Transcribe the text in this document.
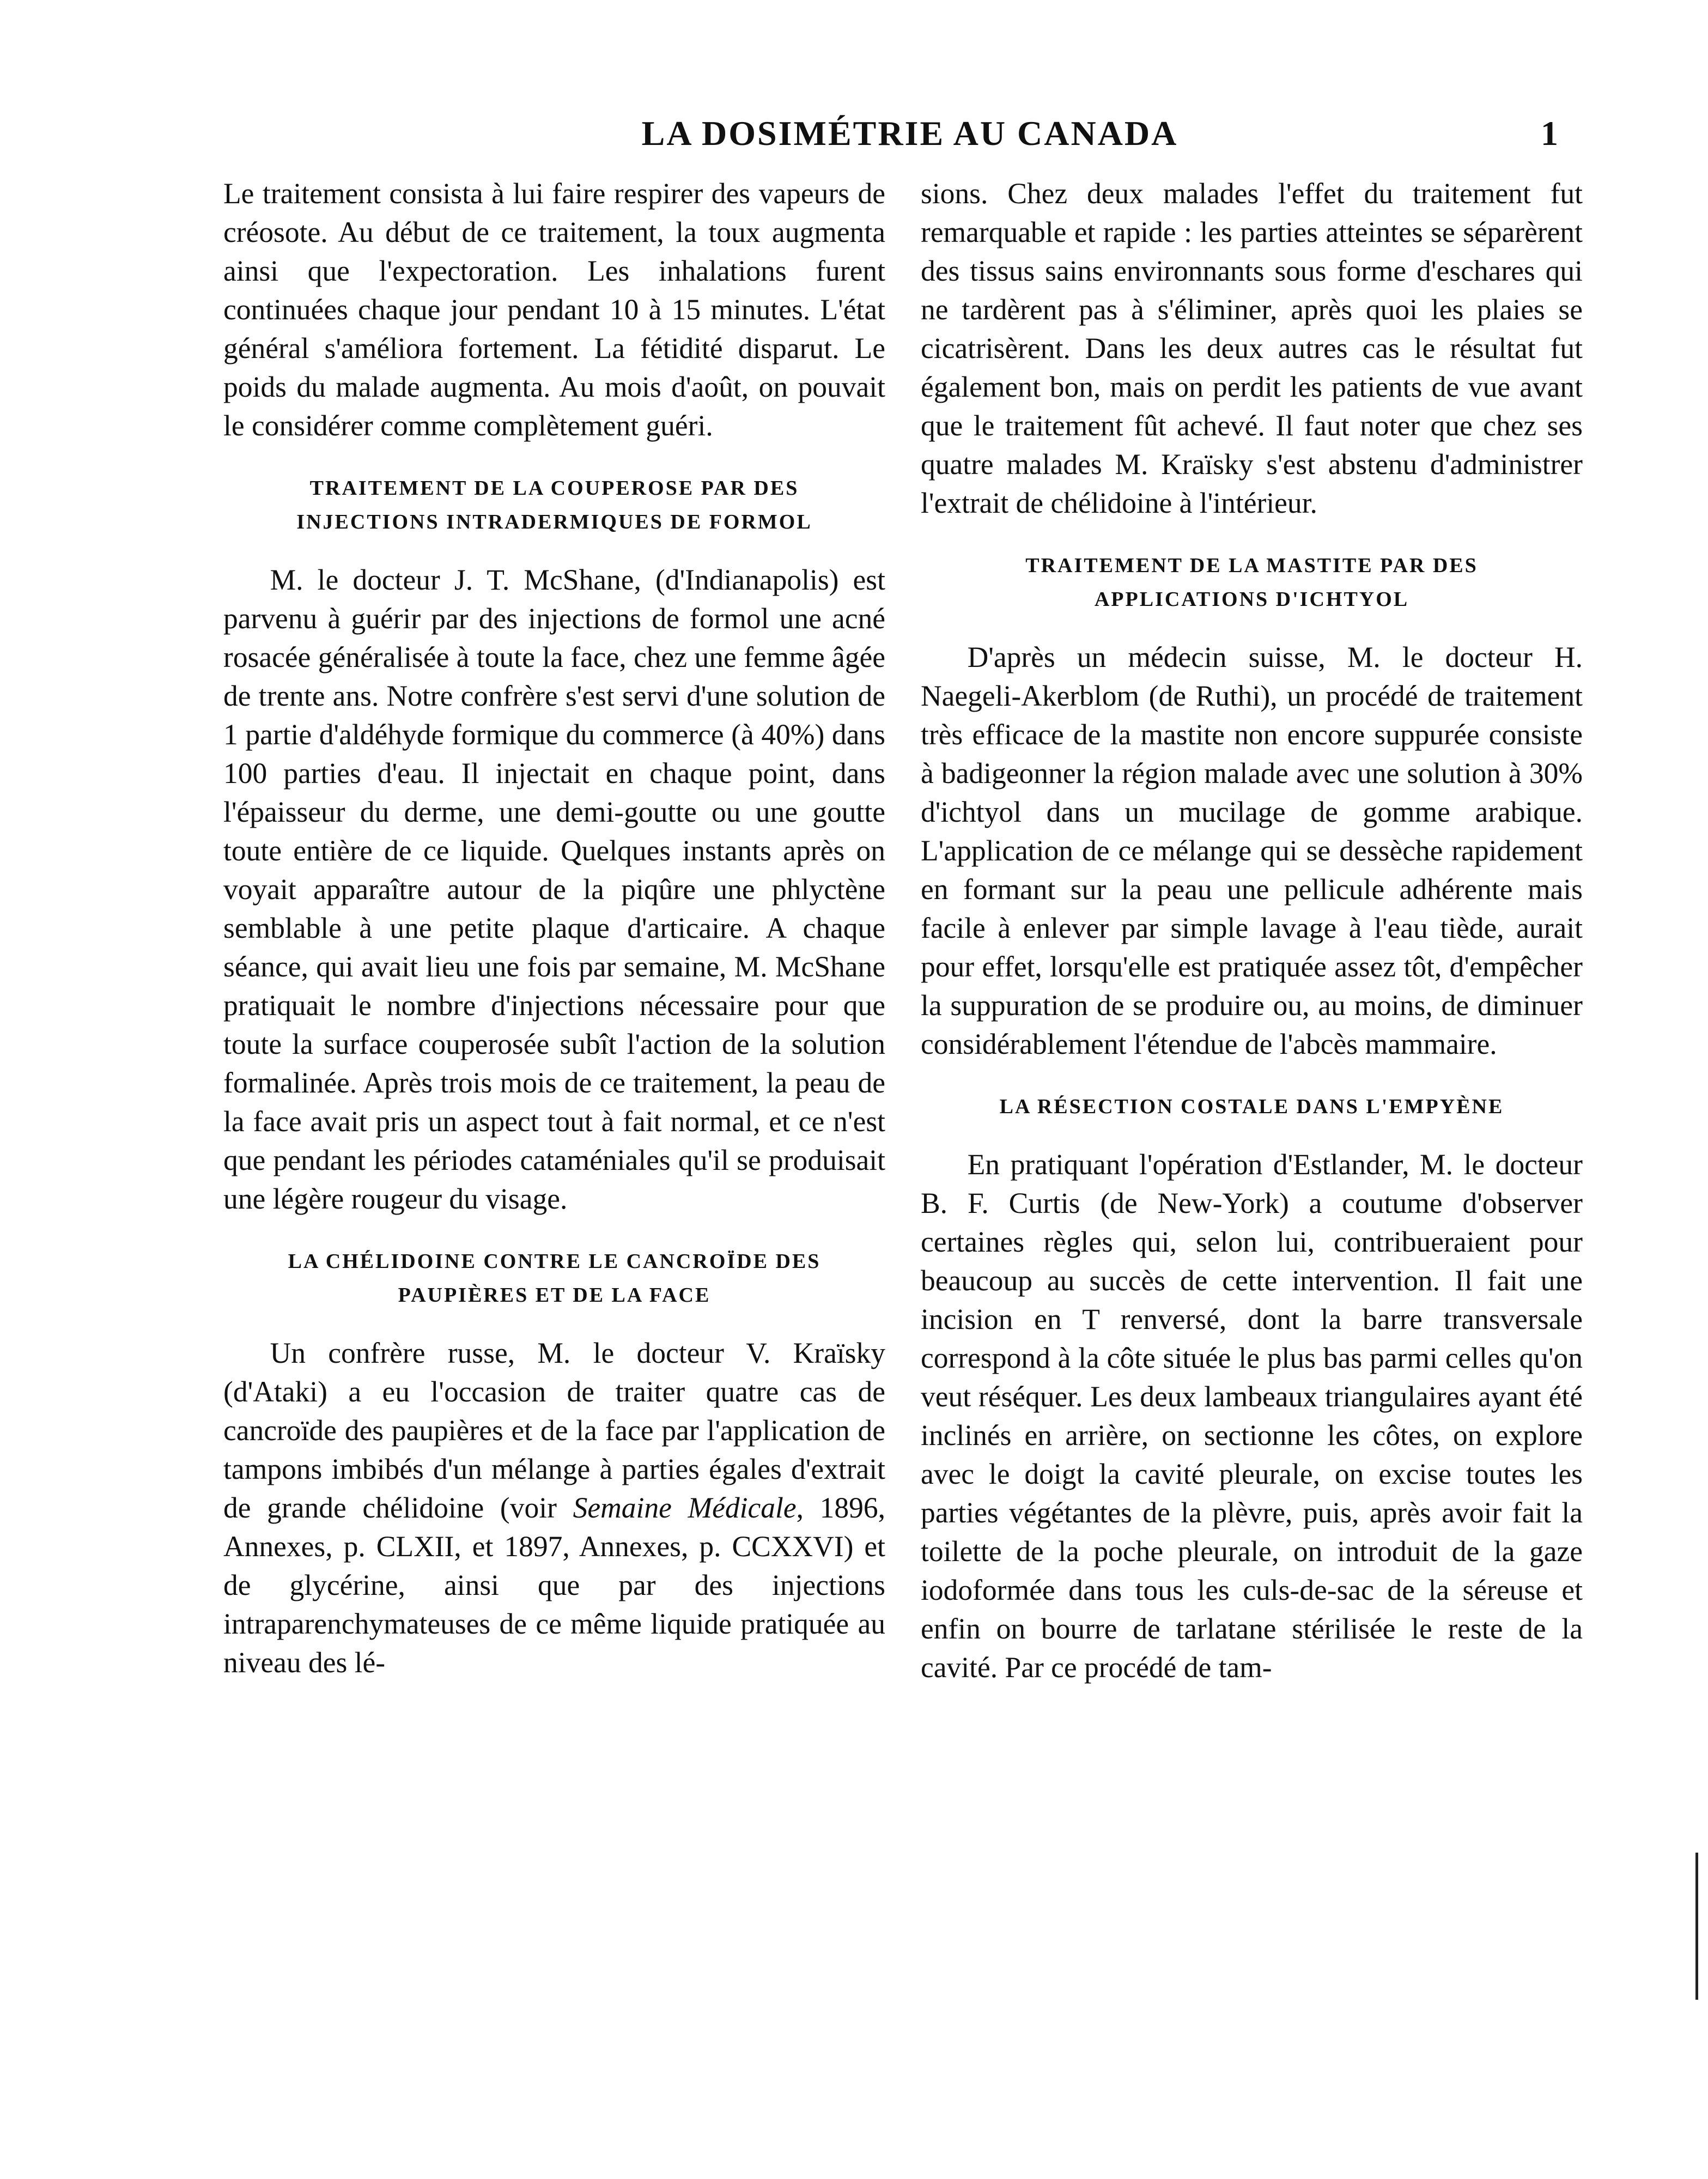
LA DOSIMÉTRIE AU CANADA	1

Le traitement consista à lui faire respirer des vapeurs de créosote. Au début de ce traitement, la toux augmenta ainsi que l'expectoration. Les inhalations furent continuées chaque jour pendant 10 à 15 minutes. L'état général s'améliora fortement. La fétidité disparut. Le poids du malade augmenta. Au mois d'août, on pouvait le considérer comme complètement guéri.

TRAITEMENT DE LA COUPEROSE PAR DES INJECTIONS INTRADERMIQUES DE FORMOL

M. le docteur J. T. McShane, (d'Indianapolis) est parvenu à guérir par des injections de formol une acné rosacée généralisée à toute la face, chez une femme âgée de trente ans. Notre confrère s'est servi d'une solution de 1 partie d'aldéhyde formique du commerce (à 40%) dans 100 parties d'eau. Il injectait en chaque point, dans l'épaisseur du derme, une demi-goutte ou une goutte toute entière de ce liquide. Quelques instants après on voyait apparaître autour de la piqûre une phlyctène semblable à une petite plaque d'articaire. A chaque séance, qui avait lieu une fois par semaine, M. McShane pratiquait le nombre d'injections nécessaire pour que toute la surface couperosée subît l'action de la solution formalinée. Après trois mois de ce traitement, la peau de la face avait pris un aspect tout à fait normal, et ce n'est que pendant les périodes cataméniales qu'il se produisait une légère rougeur du visage.

LA CHÉLIDOINE CONTRE LE CANCROÏDE DES PAUPIÈRES ET DE LA FACE

Un confrère russe, M. le docteur V. Kraïsky (d'Ataki) a eu l'occasion de traiter quatre cas de cancroïde des paupières et de la face par l'application de tampons imbibés d'un mélange à parties égales d'extrait de grande chélidoine (voir Semaine Médicale, 1896, Annexes, p. CLXII, et 1897, Annexes, p. CCXXVI) et de glycérine, ainsi que par des injections intraparenchymateuses de ce même liquide pratiquée au niveau des lé-

sions. Chez deux malades l'effet du traitement fut remarquable et rapide : les parties atteintes se séparèrent des tissus sains environnants sous forme d'eschares qui ne tardèrent pas à s'éliminer, après quoi les plaies se cicatrisèrent. Dans les deux autres cas le résultat fut également bon, mais on perdit les patients de vue avant que le traitement fût achevé. Il faut noter que chez ses quatre malades M. Kraïsky s'est abstenu d'administrer l'extrait de chélidoine à l'intérieur.

TRAITEMENT DE LA MASTITE PAR DES APPLICATIONS D'ICHTYOL

D'après un médecin suisse, M. le docteur H. Naegeli-Akerblom (de Ruthi), un procédé de traitement très efficace de la mastite non encore suppurée consiste à badigeonner la région malade avec une solution à 30% d'ichtyol dans un mucilage de gomme arabique. L'application de ce mélange qui se dessèche rapidement en formant sur la peau une pellicule adhérente mais facile à enlever par simple lavage à l'eau tiède, aurait pour effet, lorsqu'elle est pratiquée assez tôt, d'empêcher la suppuration de se produire ou, au moins, de diminuer considérablement l'étendue de l'abcès mammaire.

LA RÉSECTION COSTALE DANS L'EMPYÈNE

En pratiquant l'opération d'Estlander, M. le docteur B. F. Curtis (de New-York) a coutume d'observer certaines règles qui, selon lui, contribueraient pour beaucoup au succès de cette intervention. Il fait une incision en T renversé, dont la barre transversale correspond à la côte située le plus bas parmi celles qu'on veut réséquer. Les deux lambeaux triangulaires ayant été inclinés en arrière, on sectionne les côtes, on explore avec le doigt la cavité pleurale, on excise toutes les parties végétantes de la plèvre, puis, après avoir fait la toilette de la poche pleurale, on introduit de la gaze iodoformée dans tous les culs-de-sac de la séreuse et enfin on bourre de tarlatane stérilisée le reste de la cavité. Par ce procédé de tam-
